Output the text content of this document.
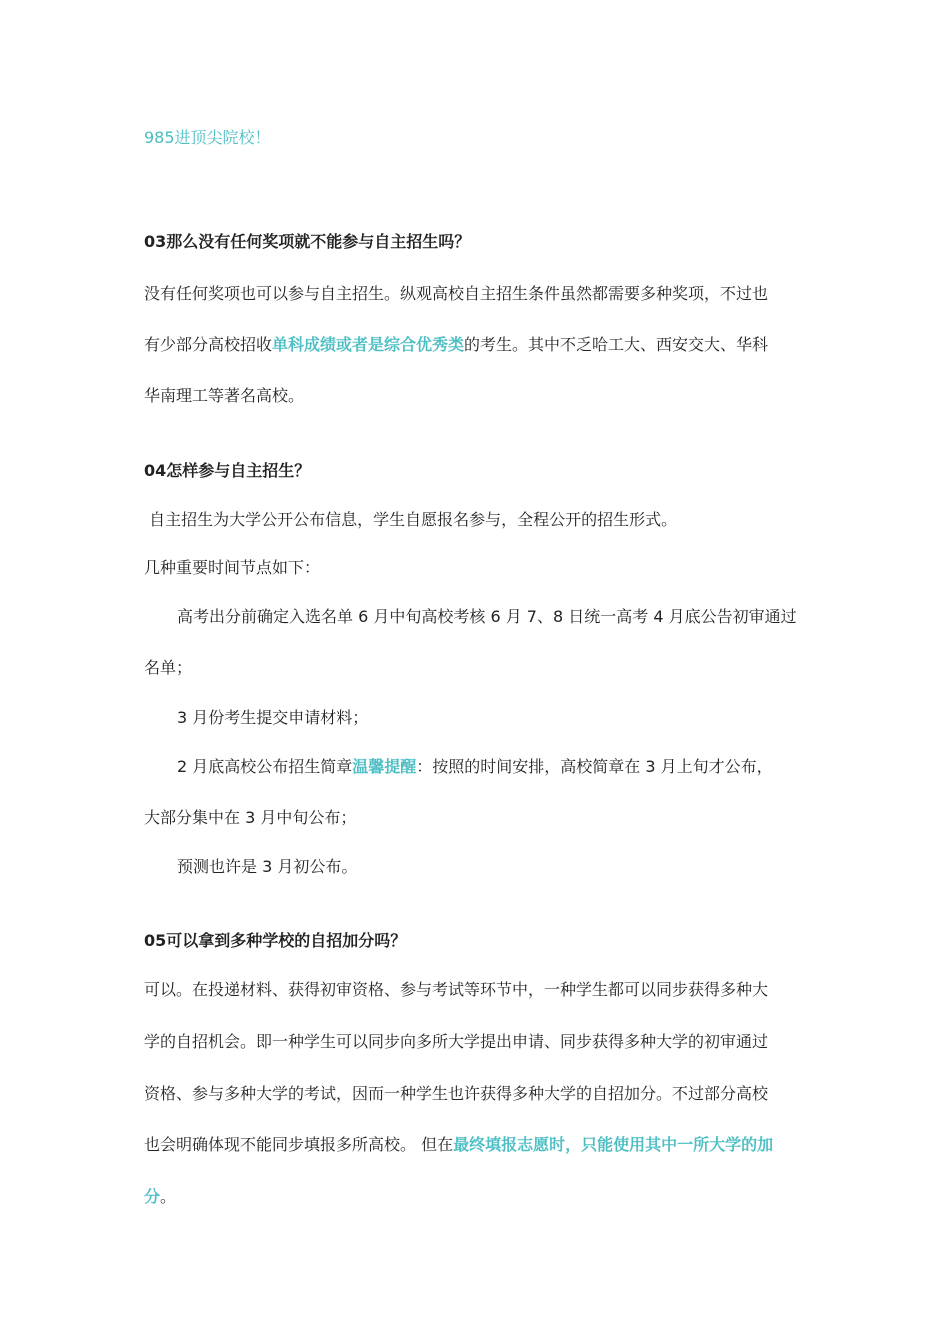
985进顶尖院校！
03那么没有任何奖项就不能参与自主招生吗？
没有任何奖项也可以参与自主招生。纵观高校自主招生条件虽然都需要多种奖项，不过也
有少部分高校招收单科成绩或者是综合优秀类的考生。其中不乏哈工大、西安交大、华科
华南理工等著名高校。
04怎样参与自主招生？
自主招生为大学公开公布信息，学生自愿报名参与，全程公开的招生形式。
几种重要时间节点如下：
高考出分前确定入选名单 6 月中旬高校考核 6 月 7、8 日统一高考 4 月底公告初审通过
名单；
3 月份考生提交申请材料；
2 月底高校公布招生简章温馨提醒：按照的时间安排，高校简章在 3 月上旬才公布，
大部分集中在 3 月中旬公布；
预测也许是 3 月初公布。
05可以拿到多种学校的自招加分吗？
可以。在投递材料、获得初审资格、参与考试等环节中，一种学生都可以同步获得多种大
学的自招机会。即一种学生可以同步向多所大学提出申请、同步获得多种大学的初审通过
资格、参与多种大学的考试，因而一种学生也许获得多种大学的自招加分。不过部分高校
也会明确体现不能同步填报多所高校。 但在最终填报志愿时，只能使用其中一所大学的加
分。
